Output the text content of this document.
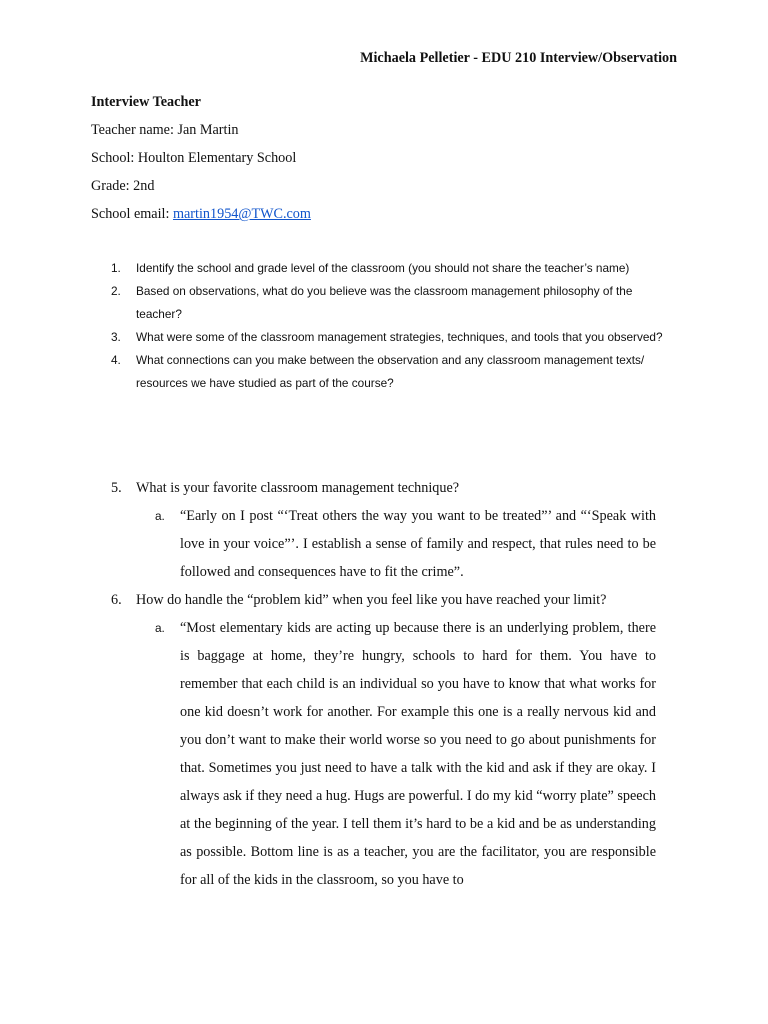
Michaela Pelletier - EDU 210 Interview/Observation
Interview Teacher
Teacher name: Jan Martin
School: Houlton Elementary School
Grade: 2nd
School email: martin1954@TWC.com
1. Identify the school and grade level of the classroom (you should not share the teacher’s name)
2. Based on observations, what do you believe was the classroom management philosophy of the teacher?
3. What were some of the classroom management strategies, techniques, and tools that you observed?
4. What connections can you make between the observation and any classroom management texts/ resources we have studied as part of the course?
5. What is your favorite classroom management technique?
a. “Early on I post “‘Treat others the way you want to be treated”’ and “‘Speak with love in your voice”’. I establish a sense of family and respect, that rules need to be followed and consequences have to fit the crime”.
6. How do handle the “problem kid” when you feel like you have reached your limit?
a. “Most elementary kids are acting up because there is an underlying problem, there is baggage at home, they’re hungry, schools to hard for them. You have to remember that each child is an individual so you have to know that what works for one kid doesn’t work for another. For example this one is a really nervous kid and you don’t want to make their world worse so you need to go about punishments for that. Sometimes you just need to have a talk with the kid and ask if they are okay. I always ask if they need a hug. Hugs are powerful. I do my kid “worry plate” speech at the beginning of the year. I tell them it’s hard to be a kid and be as understanding as possible. Bottom line is as a teacher, you are the facilitator, you are responsible for all of the kids in the classroom, so you have to
